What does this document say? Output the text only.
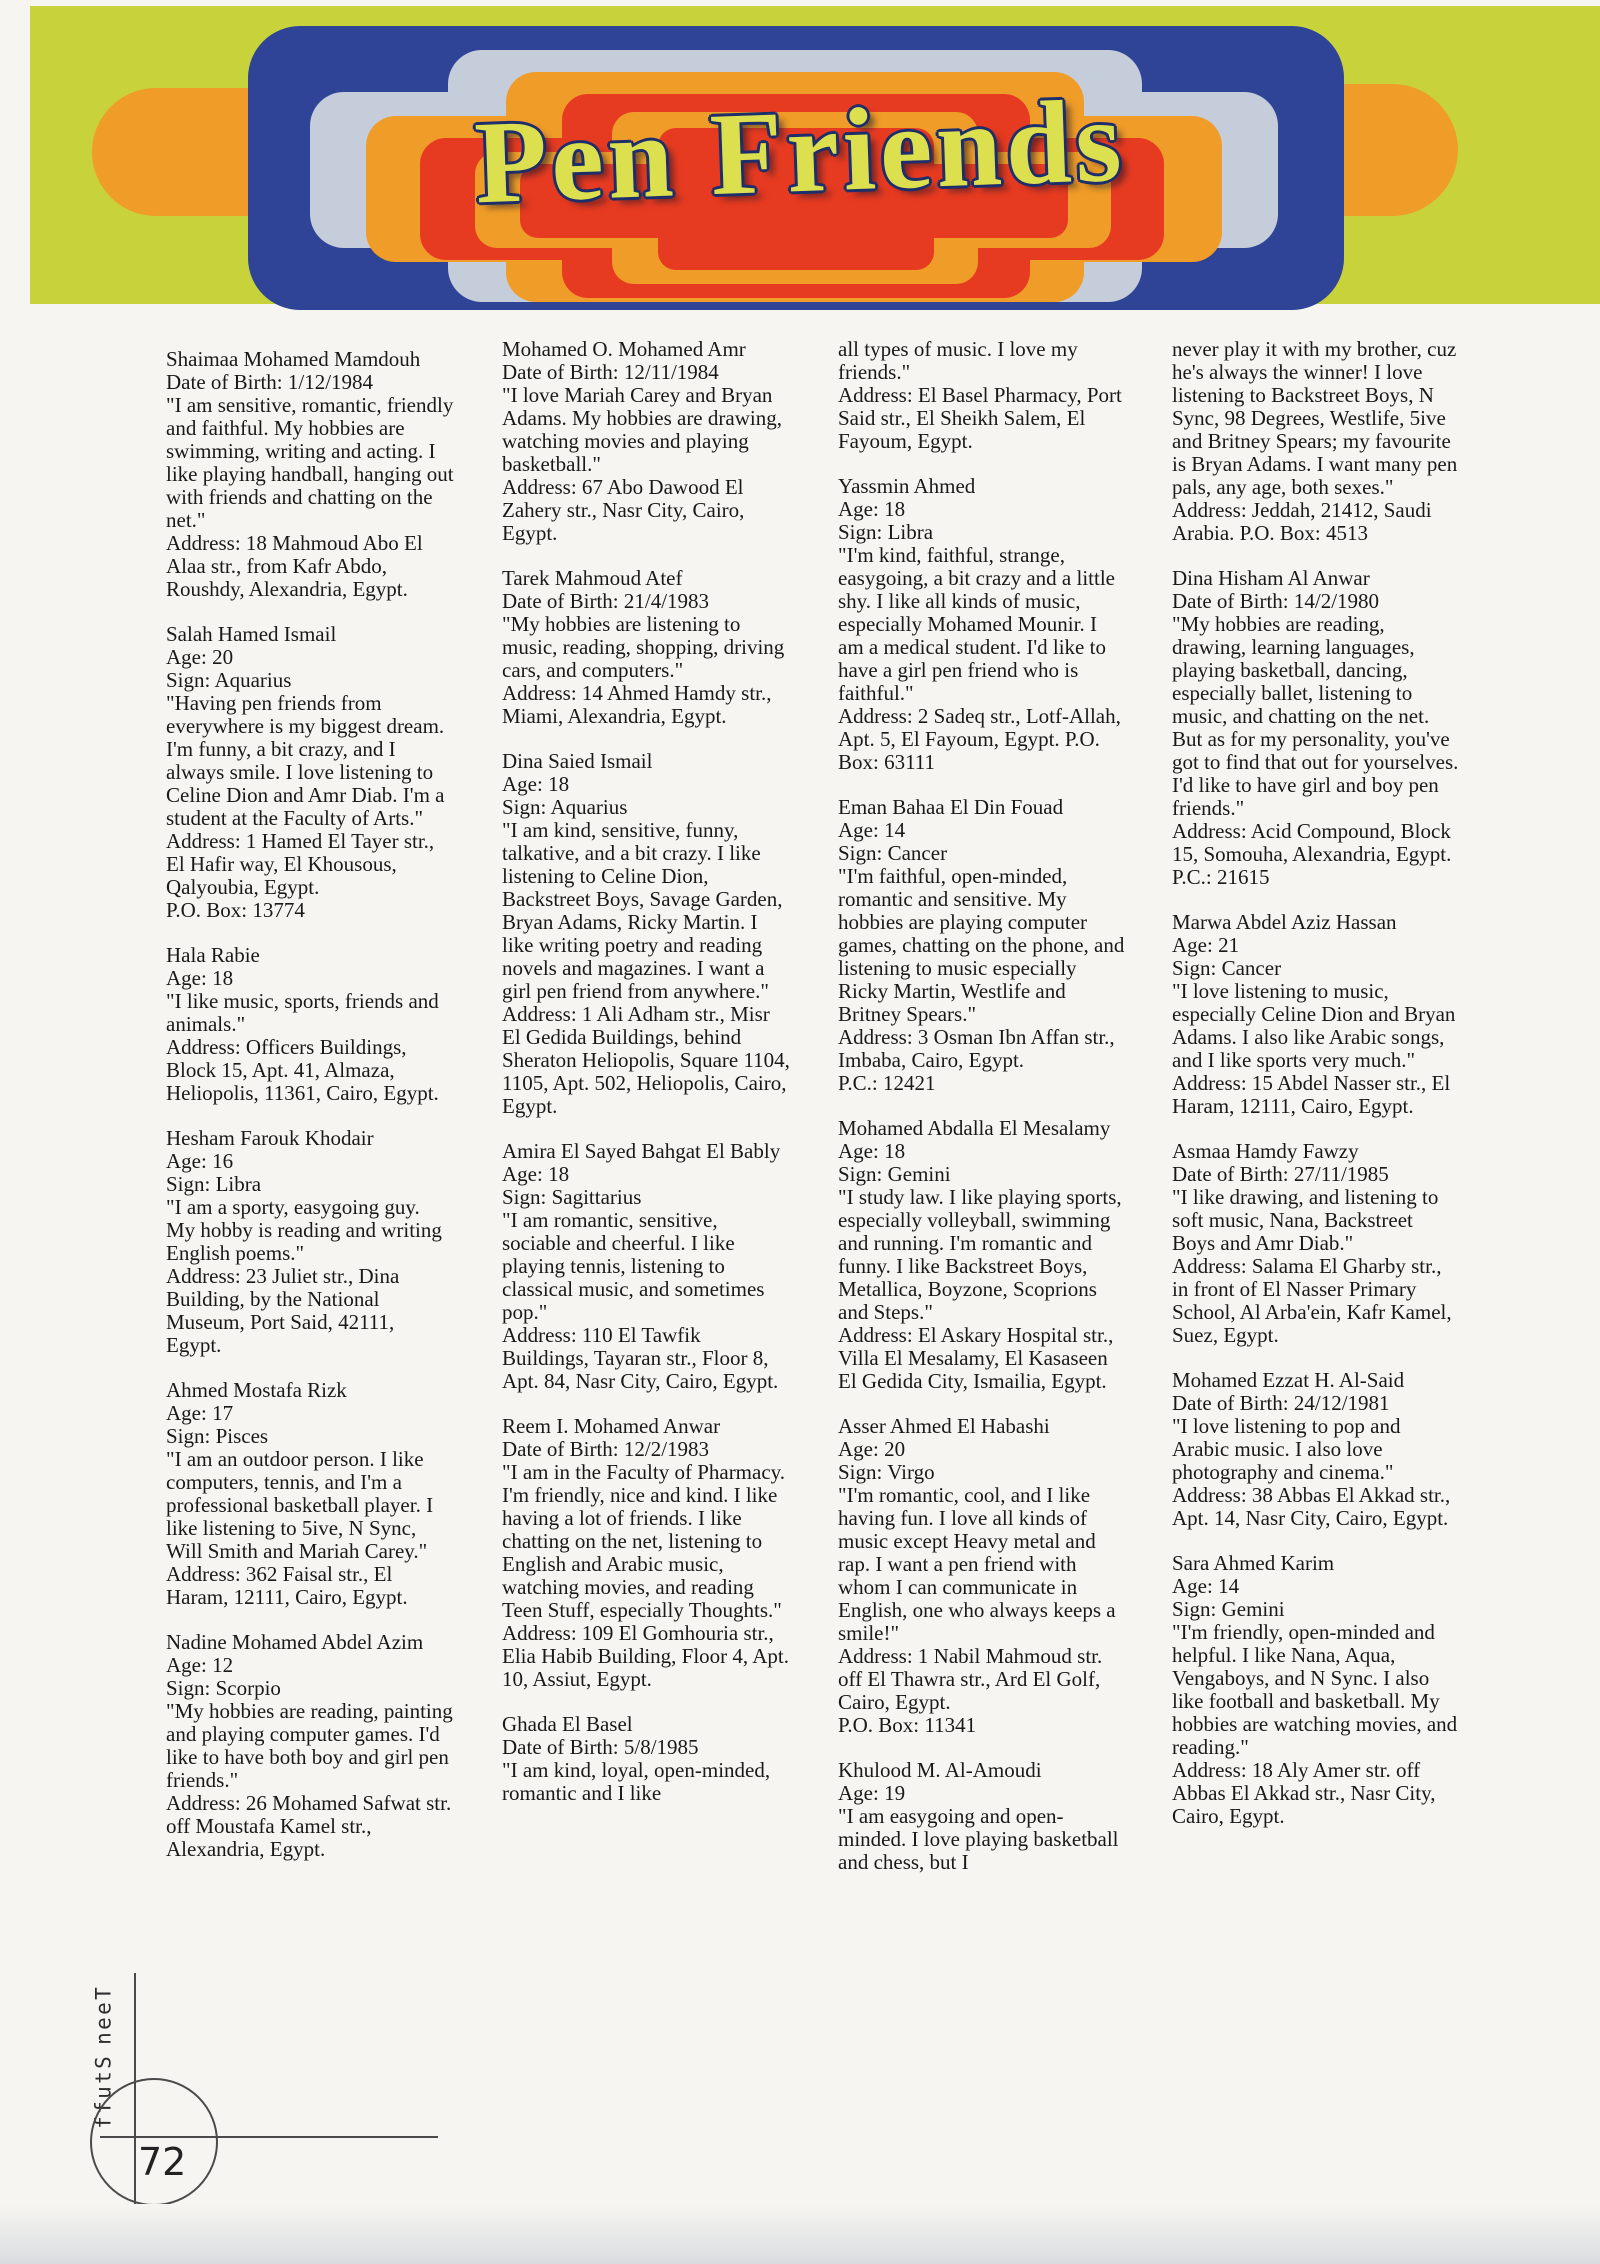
Pen Friends

Shaimaa Mohamed Mamdouh

Date of Birth: 1/12/1984

"I am sensitive, romantic, friendly and faithful. My hobbies are swimming, writing and acting. I like playing handball, hanging out with friends and chatting on the net."

Address: 18 Mahmoud Abo El Alaa str., from Kafr Abdo, Roushdy, Alexandria, Egypt.

Salah Hamed Ismail

Age: 20

Sign: Aquarius

"Having pen friends from everywhere is my biggest dream. I'm funny, a bit crazy, and I always smile. I love listening to Celine Dion and Amr Diab. I'm a student at the Faculty of Arts."

Address: 1 Hamed El Tayer str., El Hafir way, El Khousous, Qalyoubia, Egypt.

P.O. Box: 13774

Hala Rabie

Age: 18

"I like music, sports, friends and animals."

Address: Officers Buildings, Block 15, Apt. 41, Almaza, Heliopolis, 11361, Cairo, Egypt.

Hesham Farouk Khodair

Age: 16

Sign: Libra

"I am a sporty, easygoing guy. My hobby is reading and writing English poems."

Address: 23 Juliet str., Dina Building, by the National Museum, Port Said, 42111, Egypt.

Ahmed Mostafa Rizk

Age: 17

Sign: Pisces

"I am an outdoor person. I like computers, tennis, and I'm a professional basketball player. I like listening to 5ive, N Sync, Will Smith and Mariah Carey."

Address: 362 Faisal str., El Haram, 12111, Cairo, Egypt.

Nadine Mohamed Abdel Azim

Age: 12

Sign: Scorpio

"My hobbies are reading, painting and playing computer games. I'd like to have both boy and girl pen friends."

Address: 26 Mohamed Safwat str. off Moustafa Kamel str., Alexandria, Egypt.

Mohamed O. Mohamed Amr

Date of Birth: 12/11/1984

"I love Mariah Carey and Bryan Adams. My hobbies are drawing, watching movies and playing basketball."

Address: 67 Abo Dawood El Zahery str., Nasr City, Cairo, Egypt.

Tarek Mahmoud Atef

Date of Birth: 21/4/1983

"My hobbies are listening to music, reading, shopping, driving cars, and computers."

Address: 14 Ahmed Hamdy str., Miami, Alexandria, Egypt.

Dina Saied Ismail

Age: 18

Sign: Aquarius

"I am kind, sensitive, funny, talkative, and a bit crazy. I like listening to Celine Dion, Backstreet Boys, Savage Garden, Bryan Adams, Ricky Martin. I like writing poetry and reading novels and magazines. I want a girl pen friend from anywhere."

Address: 1 Ali Adham str., Misr El Gedida Buildings, behind Sheraton Heliopolis, Square 1104, 1105, Apt. 502, Heliopolis, Cairo, Egypt.

Amira El Sayed Bahgat El Bably

Age: 18

Sign: Sagittarius

"I am romantic, sensitive, sociable and cheerful. I like playing tennis, listening to classical music, and sometimes pop."

Address: 110 El Tawfik Buildings, Tayaran str., Floor 8, Apt. 84, Nasr City, Cairo, Egypt.

Reem I. Mohamed Anwar

Date of Birth: 12/2/1983

"I am in the Faculty of Pharmacy. I'm friendly, nice and kind. I like having a lot of friends. I like chatting on the net, listening to English and Arabic music, watching movies, and reading Teen Stuff, especially Thoughts."

Address: 109 El Gomhouria str., Elia Habib Building, Floor 4, Apt. 10, Assiut, Egypt.

Ghada El Basel

Date of Birth: 5/8/1985

"I am kind, loyal, open-minded, romantic and I like

all types of music. I love my friends."

Address: El Basel Pharmacy, Port Said str., El Sheikh Salem, El Fayoum, Egypt.

Yassmin Ahmed

Age: 18

Sign: Libra

"I'm kind, faithful, strange, easygoing, a bit crazy and a little shy. I like all kinds of music, especially Mohamed Mounir. I am a medical student. I'd like to have a girl pen friend who is faithful."

Address: 2 Sadeq str., Lotf-Allah, Apt. 5, El Fayoum, Egypt. P.O. Box: 63111

Eman Bahaa El Din Fouad

Age: 14

Sign: Cancer

"I'm faithful, open-minded, romantic and sensitive. My hobbies are playing computer games, chatting on the phone, and listening to music especially Ricky Martin, Westlife and Britney Spears."

Address: 3 Osman Ibn Affan str., Imbaba, Cairo, Egypt.

P.C.: 12421

Mohamed Abdalla El Mesalamy

Age: 18

Sign: Gemini

"I study law. I like playing sports, especially volleyball, swimming and running. I'm romantic and funny. I like Backstreet Boys, Metallica, Boyzone, Scoprions and Steps."

Address: El Askary Hospital str., Villa El Mesalamy, El Kasaseen El Gedida City, Ismailia, Egypt.

Asser Ahmed El Habashi

Age: 20

Sign: Virgo

"I'm romantic, cool, and I like having fun. I love all kinds of music except Heavy metal and rap. I want a pen friend with whom I can communicate in English, one who always keeps a smile!"

Address: 1 Nabil Mahmoud str. off El Thawra str., Ard El Golf, Cairo, Egypt.

P.O. Box: 11341

Khulood M. Al-Amoudi

Age: 19

"I am easygoing and open-minded. I love playing basketball and chess, but I

never play it with my brother, cuz he's always the winner! I love listening to Backstreet Boys, N Sync, 98 Degrees, Westlife, 5ive and Britney Spears; my favourite is Bryan Adams. I want many pen pals, any age, both sexes."

Address: Jeddah, 21412, Saudi Arabia. P.O. Box: 4513

Dina Hisham Al Anwar

Date of Birth: 14/2/1980

"My hobbies are reading, drawing, learning languages, playing basketball, dancing, especially ballet, listening to music, and chatting on the net. But as for my personality, you've got to find that out for yourselves. I'd like to have girl and boy pen friends."

Address: Acid Compound, Block 15, Somouha, Alexandria, Egypt.

P.C.: 21615

Marwa Abdel Aziz Hassan

Age: 21

Sign: Cancer

"I love listening to music, especially Celine Dion and Bryan Adams. I also like Arabic songs, and I like sports very much."

Address: 15 Abdel Nasser str., El Haram, 12111, Cairo, Egypt.

Asmaa Hamdy Fawzy

Date of Birth: 27/11/1985

"I like drawing, and listening to soft music, Nana, Backstreet Boys and Amr Diab."

Address: Salama El Gharby str., in front of El Nasser Primary School, Al Arba'ein, Kafr Kamel, Suez, Egypt.

Mohamed Ezzat H. Al-Said

Date of Birth: 24/12/1981

"I love listening to pop and Arabic music. I also love photography and cinema."

Address: 38 Abbas El Akkad str., Apt. 14, Nasr City, Cairo, Egypt.

Sara Ahmed Karim

Age: 14

Sign: Gemini

"I'm friendly, open-minded and helpful. I like Nana, Aqua, Vengaboys, and N Sync. I also like football and basketball. My hobbies are watching movies, and reading."

Address: 18 Aly Amer str. off Abbas El Akkad str., Nasr City, Cairo, Egypt.

T
e
e
n
S
t
u
f
f
72
